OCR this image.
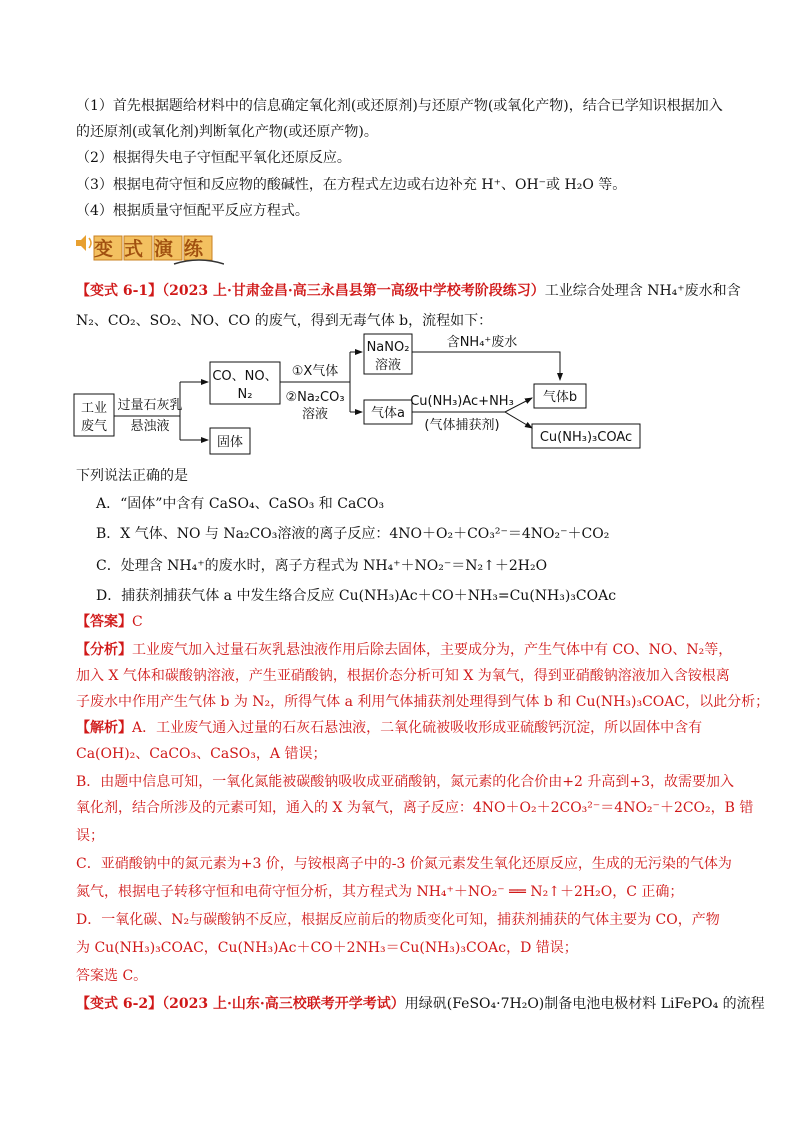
（1）首先根据题给材料中的信息确定氧化剂(或还原剂)与还原产物(或氧化产物)，结合已学知识根据加入
的还原剂(或氧化剂)判断氧化产物(或还原产物)。
（2）根据得失电子守恒配平氧化还原反应。
（3）根据电荷守恒和反应物的酸碱性，在方程式左边或右边补充 H⁺、OH⁻或 H₂O 等。
（4）根据质量守恒配平反应方程式。
变式演练
【变式 6-1】（2023 上·甘肃金昌·高三永昌县第一高级中学校考阶段练习）工业综合处理含 NH₄⁺废水和含
N₂、CO₂、SO₂、NO、CO 的废气，得到无毒气体 b，流程如下：
工业
废气
过量石灰乳
悬浊液
CO、NO、
N₂
固体
①X气体
②Na₂CO₃
溶液
NaNO₂
溶液
气体a
含NH₄⁺废水
Cu(NH₃)Ac+NH₃
(气体捕获剂)
气体b
Cu(NH₃)₃COAc
下列说法正确的是
A．“固体”中含有 CaSO₄、CaSO₃ 和 CaCO₃
B．X 气体、NO 与 Na₂CO₃溶液的离子反应：4NO＋O₂＋CO₃²⁻＝4NO₂⁻＋CO₂
C．处理含 NH₄⁺的废水时，离子方程式为 NH₄⁺＋NO₂⁻＝N₂↑＋2H₂O
D．捕获剂捕获气体 a 中发生络合反应 Cu(NH₃)Ac＋CO＋NH₃=Cu(NH₃)₃COAc
【答案】C
【分析】工业废气加入过量石灰乳悬浊液作用后除去固体，主要成分为，产生气体中有 CO、NO、N₂等，
加入 X 气体和碳酸钠溶液，产生亚硝酸钠，根据价态分析可知 X 为氧气，得到亚硝酸钠溶液加入含铵根离
子废水中作用产生气体 b 为 N₂，所得气体 a 利用气体捕获剂处理得到气体 b 和 Cu(NH₃)₃COAC，以此分析；
【解析】A．工业废气通入过量的石灰石悬浊液，二氧化硫被吸收形成亚硫酸钙沉淀，所以固体中含有
Ca(OH)₂、CaCO₃、CaSO₃，A 错误；
B．由题中信息可知，一氧化氮能被碳酸钠吸收成亚硝酸钠，氮元素的化合价由+2 升高到+3，故需要加入
氧化剂，结合所涉及的元素可知，通入的 X 为氧气，离子反应：4NO＋O₂＋2CO₃²⁻＝4NO₂⁻＋2CO₂，B 错
误；
C．亚硝酸钠中的氮元素为+3 价，与铵根离子中的-3 价氮元素发生氧化还原反应，生成的无污染的气体为
氮气，根据电子转移守恒和电荷守恒分析，其方程式为 NH₄⁺＋NO₂⁻ ══ N₂↑＋2H₂O，C 正确；
D．一氧化碳、N₂与碳酸钠不反应，根据反应前后的物质变化可知，捕获剂捕获的气体主要为 CO，产物
为 Cu(NH₃)₃COAC，Cu(NH₃)Ac＋CO＋2NH₃＝Cu(NH₃)₃COAc，D 错误；
答案选 C。
【变式 6-2】（2023 上·山东·高三校联考开学考试）用绿矾(FeSO₄·7H₂O)制备电池电极材料 LiFePO₄ 的流程
